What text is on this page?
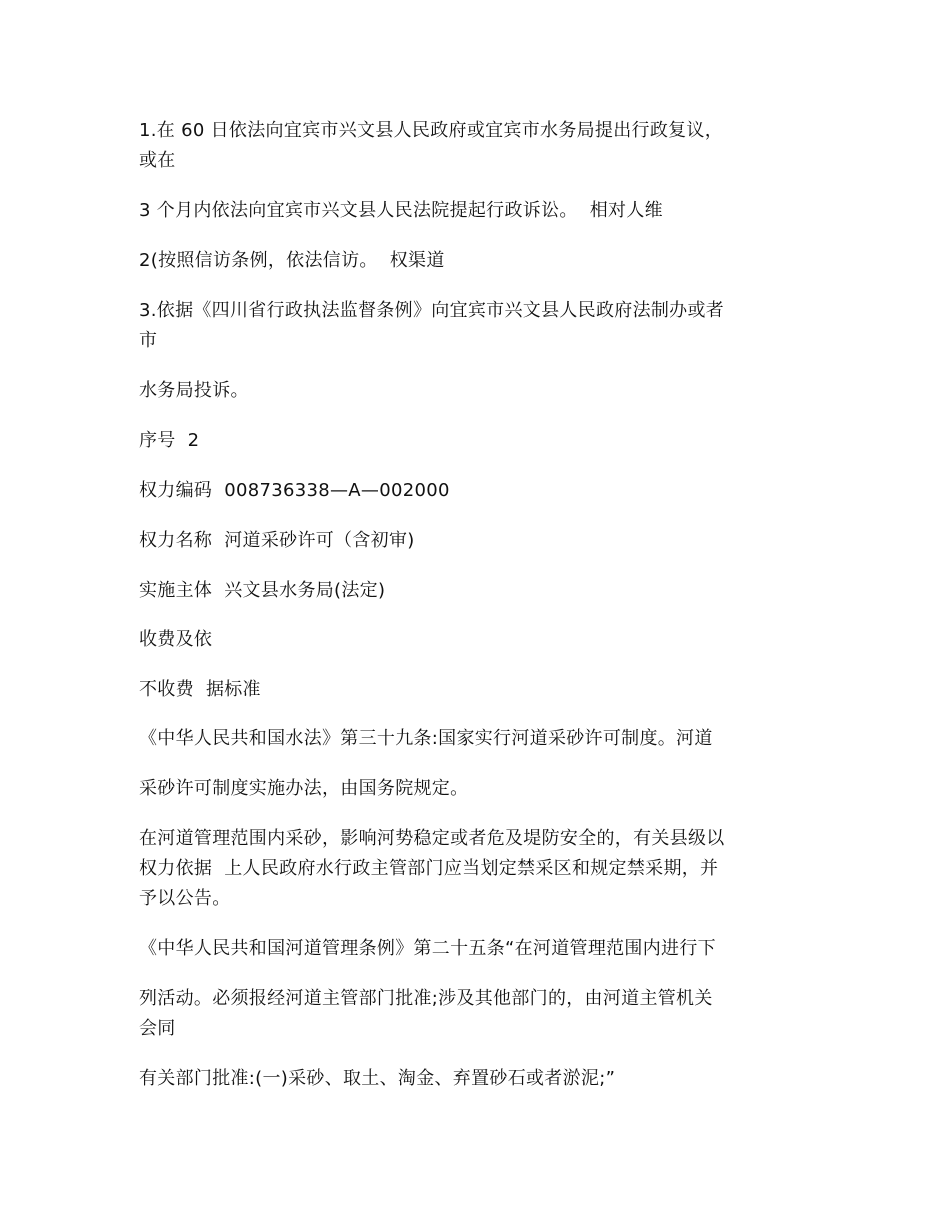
1.在 60 日依法向宜宾市兴文县人民政府或宜宾市水务局提出行政复议，
或在

3 个月内依法向宜宾市兴文县人民法院提起行政诉讼。  相对人维

2(按照信访条例，依法信访。  权渠道

3.依据《四川省行政执法监督条例》向宜宾市兴文县人民政府法制办或者
市

水务局投诉。

序号  2

权力编码  008736338—A—002000

权力名称  河道采砂许可（含初审)

实施主体  兴文县水务局(法定)

收费及依

不收费  据标准

《中华人民共和国水法》第三十九条:国家实行河道采砂许可制度。河道

采砂许可制度实施办法，由国务院规定。

在河道管理范围内采砂，影响河势稳定或者危及堤防安全的，有关县级以
权力依据  上人民政府水行政主管部门应当划定禁采区和规定禁采期，并
予以公告。

《中华人民共和国河道管理条例》第二十五条“在河道管理范围内进行下

列活动。必须报经河道主管部门批准;涉及其他部门的，由河道主管机关
会同

有关部门批准:(一)采砂、取土、淘金、弃置砂石或者淤泥;”
